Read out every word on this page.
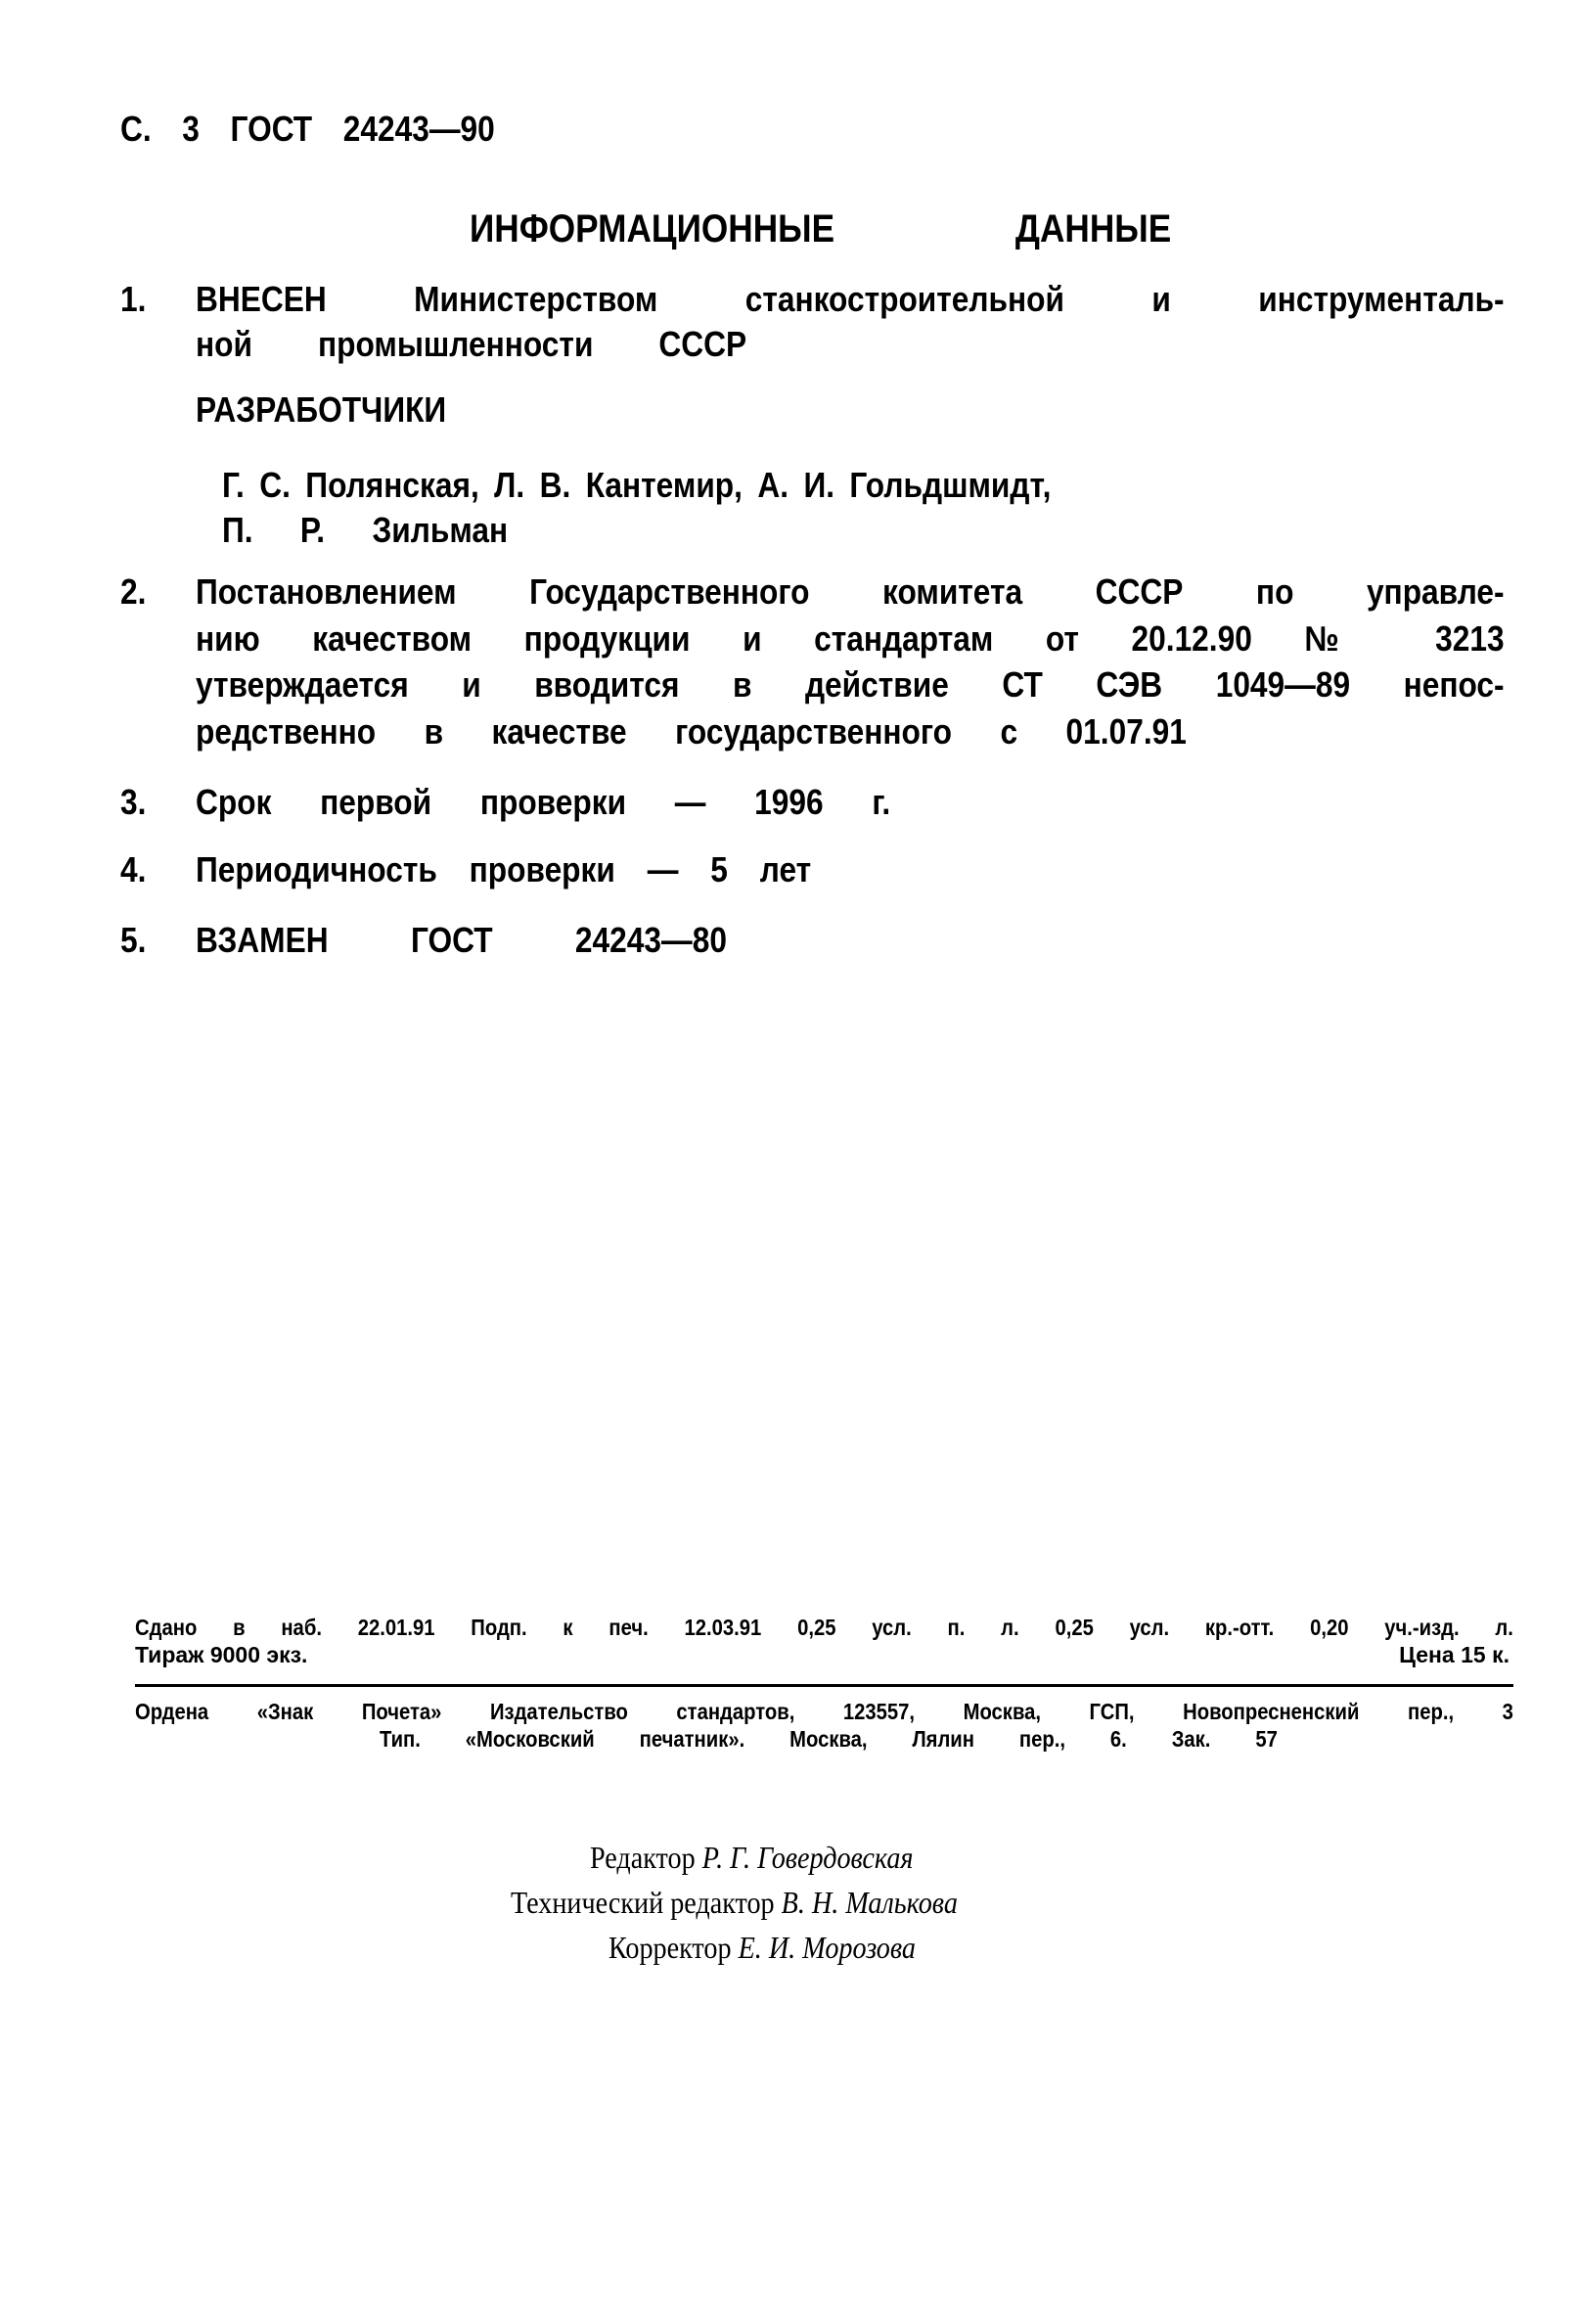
С. 3 ГОСТ 24243—90
ИНФОРМАЦИОННЫЕ ДАННЫЕ
1. ВНЕСЕН Министерством станкостроительной и инструменталь-
ной промышленности СССР
РАЗРАБОТЧИКИ
Г. С. Полянская, Л. В. Кантемир, А. И. Гольдшмидт,
П. Р. Зильман
2. Постановлением Государственного комитета СССР по управле-
нию качеством продукции и стандартам от 20.12.90 № 3213
утверждается и вводится в действие СТ СЭВ 1049—89 непос-
редственно в качестве государственного с 01.07.91
3. Срок первой проверки — 1996 г.
4. Периодичность проверки — 5 лет
5. ВЗАМЕН ГОСТ 24243—80
Редактор Р. Г. Говердовская
Технический редактор В. Н. Малькова
Корректор Е. И. Морозова
Сдано в наб. 22.01.91 Подп. к печ. 12.03.91 0,25 усл. п. л. 0,25 усл. кр.-отт. 0,20 уч.-изд. л.
Тираж 9000 экз.	Цена 15 к.
Ордена «Знак Почета» Издательство стандартов, 123557, Москва, ГСП, Новопресненский пер., 3
Тип. «Московский печатник». Москва, Лялин пер., 6. Зак. 57
